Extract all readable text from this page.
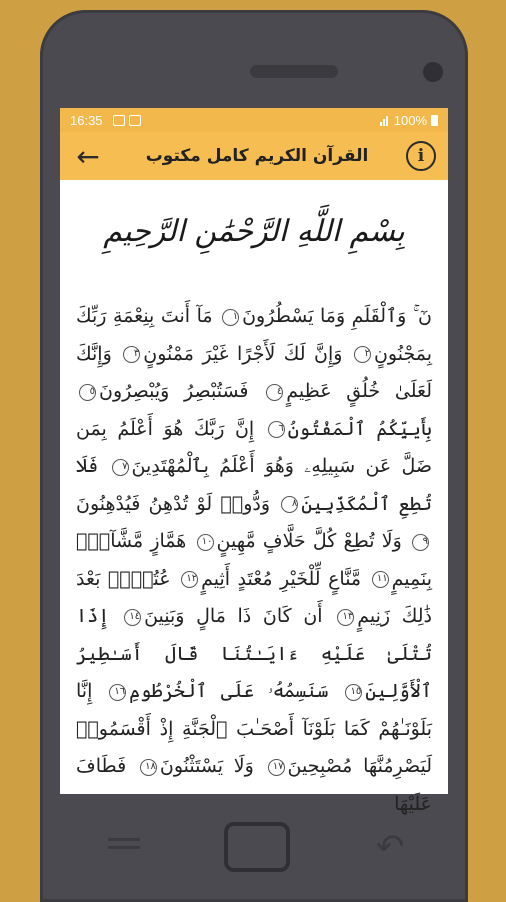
16:35	100%
←	القرآن الكريم كامل مكتوب	i
بِسْمِ اللَّهِ الرَّحْمَٰنِ الرَّحِيمِ
نٓ ۚ وَٱلْقَلَمِ وَمَا يَسْطُرُونَ١ مَآ أَنتَ بِنِعْمَةِ رَبِّكَ بِمَجْنُونٍ٢ وَإِنَّ لَكَ لَأَجْرًا غَيْرَ مَمْنُونٍ٣ وَإِنَّكَ لَعَلَىٰ خُلُقٍ عَظِيمٍ٤ فَسَتُبْصِرُ وَيُبْصِرُونَ٥ بِأَييِّكُمُ ٱلْمَفْتُونُ٦ إِنَّ رَبَّكَ هُوَ أَعْلَمُ بِمَن ضَلَّ عَن سَبِيلِهِۦ وَهُوَ أَعْلَمُ بِٱلْمُهْتَدِينَ٧ فَلَا تُطِعِ ٱلْمُكَذِّبِينَ٨ وَدُّوا۟ لَوْ تُدْهِنُ فَيُدْهِنُونَ٩ وَلَا تُطِعْ كُلَّ حَلَّافٍ مَّهِينٍ١٠ هَمَّازٍ مَّشَّآءٍۭ بِنَمِيمٍ١١ مَّنَّاعٍ لِّلْخَيْرِ مُعْتَدٍ أَثِيمٍ١٢ عُتُلٍّۭ بَعْدَ ذَٰلِكَ زَنِيمٍ١٣ أَن كَانَ ذَا مَالٍ وَبَنِينَ١٤ إِذَا تُتْلَىٰ عَلَيْهِ ءَايَـٰتُنَا قَالَ أَسَـٰطِيرُ ٱلْأَوَّلِينَ١٥ سَنَسِمُهُۥ عَلَى ٱلْخُرْطُومِ١٦ إِنَّا بَلَوْنَـٰهُمْ كَمَا بَلَوْنَآ أَصْحَـٰبَ ٱلْجَنَّةِ إِذْ أَقْسَمُوا۟ لَيَصْرِمُنَّهَا مُصْبِحِينَ١٧ وَلَا يَسْتَثْنُونَ١٨ فَطَافَ عَلَيْهَا
↶
